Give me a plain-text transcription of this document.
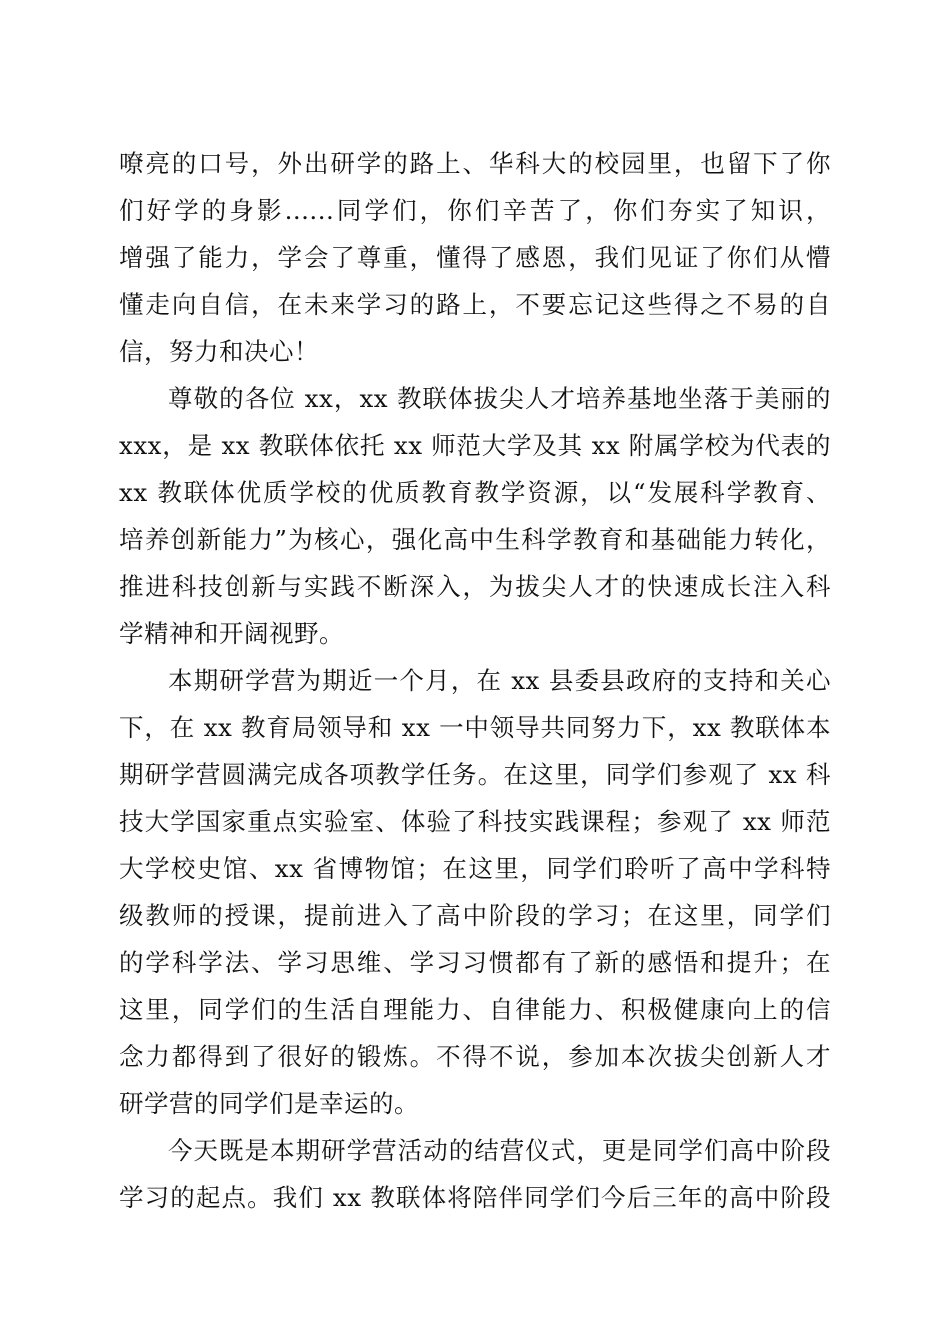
嘹亮的口号，外出研学的路上、华科大的校园里，也留下了你
们好学的身影......同学们，你们辛苦了，你们夯实了知识，
增强了能力，学会了尊重，懂得了感恩，我们见证了你们从懵
懂走向自信，在未来学习的路上，不要忘记这些得之不易的自
信，努力和决心！
尊敬的各位 xx，xx 教联体拔尖人才培养基地坐落于美丽的
xxx，是 xx 教联体依托 xx 师范大学及其 xx 附属学校为代表的
xx 教联体优质学校的优质教育教学资源，以“发展科学教育、
培养创新能力”为核心，强化高中生科学教育和基础能力转化，
推进科技创新与实践不断深入，为拔尖人才的快速成长注入科
学精神和开阔视野。
本期研学营为期近一个月，在 xx 县委县政府的支持和关心
下，在 xx 教育局领导和 xx 一中领导共同努力下，xx 教联体本
期研学营圆满完成各项教学任务。在这里，同学们参观了 xx 科
技大学国家重点实验室、体验了科技实践课程；参观了 xx 师范
大学校史馆、xx 省博物馆；在这里，同学们聆听了高中学科特
级教师的授课，提前进入了高中阶段的学习；在这里，同学们
的学科学法、学习思维、学习习惯都有了新的感悟和提升；在
这里，同学们的生活自理能力、自律能力、积极健康向上的信
念力都得到了很好的锻炼。不得不说，参加本次拔尖创新人才
研学营的同学们是幸运的。
今天既是本期研学营活动的结营仪式，更是同学们高中阶段
学习的起点。我们 xx 教联体将陪伴同学们今后三年的高中阶段
